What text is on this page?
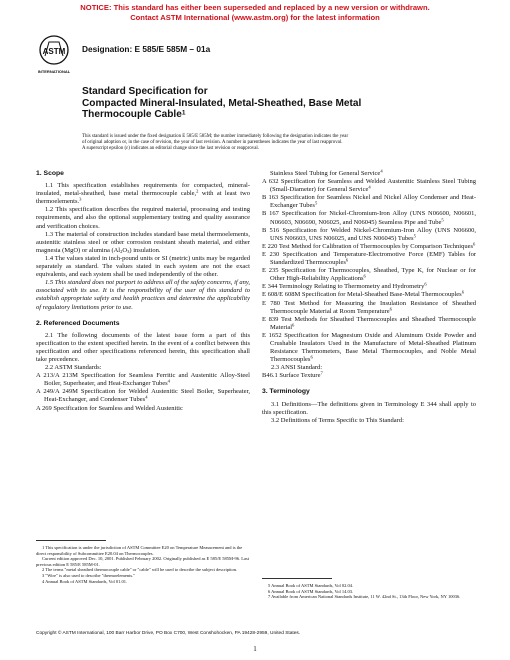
NOTICE: This standard has either been superseded and replaced by a new version or withdrawn.
Contact ASTM International (www.astm.org) for the latest information
ASTM
INTERNATIONAL
Designation: E 585/E 585M – 01a
Standard Specification for
Compacted Mineral-Insulated, Metal-Sheathed, Base Metal
Thermocouple Cable$^1$
This standard is issued under the fixed designation E 585/E 585M; the number immediately following the designation indicates the year
of original adoption or, in the case of revision, the year of last revision. A number in parentheses indicates the year of last reapproval.
A superscript epsilon (ε) indicates an editorial change since the last revision or reapproval.

1. Scope

1.1 This specification establishes requirements for compacted, mineral-insulated, metal-sheathed, base metal thermocouple cable,$^2$ with at least two thermoelements.$^3$

1.2 This specification describes the required material, processing and testing requirements, and also the optional supplementary testing and quality assurance and verification choices.

1.3 The material of construction includes standard base metal thermoelements, austenitic stainless steel or other corrosion resistant sheath material, and either magnesia (MgO) or alumina $(Al_2O_3)$ insulation.

1.4 The values stated in inch-pound units or SI (metric) units may be regarded separately as standard. The values stated in each system are not the exact equivalents, and each system shall be used independently of the other.

1.5 This standard does not purport to address all of the safety concerns, if any, associated with its use. It is the responsibility of the user of this standard to establish appropriate safety and health practices and determine the applicability of regulatory limitations prior to use.

2. Referenced Documents

2.1 The following documents of the latest issue form a part of this specification to the extent specified herein. In the event of a conflict between this specification and other specifications referenced herein, this specification shall take precedence.

2.2 ASTM Standards:

A 213/A 213M Specification for Seamless Ferritic and Austenitic Alloy-Steel Boiler, Superheater, and Heat-Exchanger Tubes$^4$

A 249/A 249M Specification for Welded Austenitic Steel Boiler, Superheater, Heat-Exchanger, and Condenser Tubes$^4$

A 269 Specification for Seamless and Welded Austenitic

Stainless Steel Tubing for General Service$^4$

A 632 Specification for Seamless and Welded Austenitic Stainless Steel Tubing (Small-Diameter) for General Service$^4$

B 163 Specification for Seamless Nickel and Nickel Alloy Condenser and Heat-Exchanger Tubes$^5$

B 167 Specification for Nickel-Chromium-Iron Alloy (UNS N06600, N06601, N06603, N06690, N06025, and N06045) Seamless Pipe and Tube$^5$

B 516 Specification for Welded Nickel-Chromium-Iron Alloy (UNS N06600, UNS N06603, UNS N06025, and UNS N06045) Tubes$^5$

E 220 Test Method for Calibration of Thermocouples by Comparison Techniques$^6$

E 230 Specification and Temperature-Electromotive Force (EMF) Tables for Standardized Thermocouples$^6$

E 235 Specification for Thermocouples, Sheathed, Type K, for Nuclear or for Other High-Reliability Applications$^6$

E 344 Terminology Relating to Thermometry and Hydrometry$^6$

E 608/E 608M Specification for Metal-Sheathed Base-Metal Thermocouples$^6$

E 780 Test Method for Measuring the Insulation Resistance of Sheathed Thermocouple Material at Room Temperature$^6$

E 839 Test Methods for Sheathed Thermocouples and Sheathed Thermocouple Material$^6$

E 1652 Specification for Magnesium Oxide and Aluminum Oxide Powder and Crushable Insulators Used in the Manufacture of Metal-Sheathed Platinum Resistance Thermometers, Base Metal Thermocouples, and Noble Metal Thermocouples$^6$

2.3 ANSI Standard:

B46.1 Surface Texture$^7$

3. Terminology

3.1 Definitions—The definitions given in Terminology E 344 shall apply to this specification.

3.2 Definitions of Terms Specific to This Standard:

1 This specification is under the jurisdiction of ASTM Committee E20 on Temperature Measurement and is the direct responsibility of Subcommittee E20.04 on Thermocouples.

Current edition approved Dec. 10, 2001. Published February 2002. Originally published as E 585/E 585M-96. Last previous edition E 585/E 585M-01.

2 The terms "metal sheathed thermocouple cable" or "cable" will be used to describe the subject description.

3 "Wire" is also used to describe "thermoelements."

4 Annual Book of ASTM Standards, Vol 01.01.

5 Annual Book of ASTM Standards, Vol 02.04.

6 Annual Book of ASTM Standards, Vol 14.03.

7 Available from American National Standards Institute, 11 W. 42nd St., 13th Floor, New York, NY 10036.

Copyright © ASTM International, 100 Barr Harbor Drive, PO Box C700, West Conshohocken, PA 19428-2959, United States.
1
